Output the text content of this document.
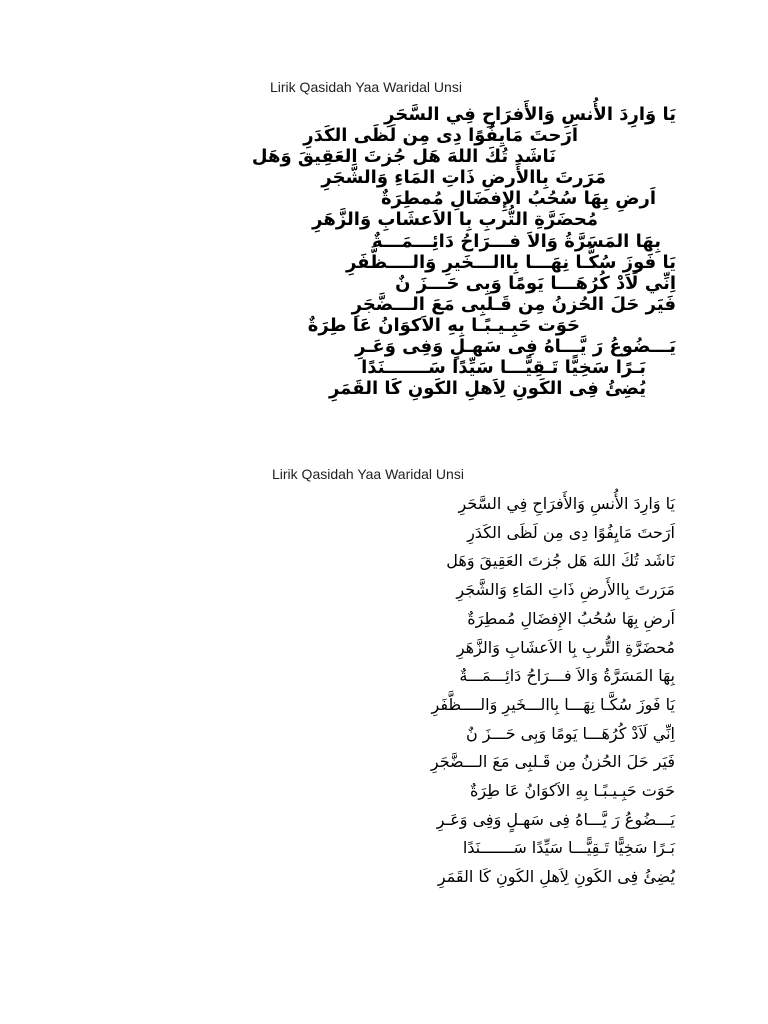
Lirik Qasidah Yaa Waridal Unsi
يَا وَارِدَ الأُنسِ وَالأَفرَاحِ فِي السَّحَرِ
اَرَحتَ مَايِفُوًا دِى مِن لَظَى الكَدَرِ
نَاشَد تُكَ اللهَ هَل جُزتَ العَقِيقَ وَهَل
مَرَرتَ بِاالأَرضِ ذَاتِ المَاءِ وَالشَّجَرِ
اَرضِ بِهَا سُحُبُ الإِفضَالِ مُمطِرَةٌ
مُحضَرَّةِ التُّربِ بِا الاَعشَابِ وَالزَّهَرِ
بِهَا المَسَرَّةُ وَالاَ فـــرَاحُ دَائِـــمَـــةٌ
يَا فَوزَ سُكَّـا نِهَـــا بِاالـــخَيرِ وَالــــظَّفَرِ
اِنِّي لَاَدْ كُرُهَـــا يَومًا وَبِى حَـــزَ نٌ
فَيَر حَلَ الحُزنُ مِن قَـلبِى مَعَ الـــضَّجَرِ
حَوَت حَبِـيـبًـا بِهِ الاَكوَانُ عَا طِرَةٌ
يَـــضُوعُ رَ يَّـــاهُ فِى سَهـلٍ وَفِى وَعَـرِ
بَـرًا سَخِيًّا تَـقِيًّـــا سَيِّدًا سَـــــــنَدًا
يُضِئُ فِى الكَونِ لِاَهلِ الكَونِ كَا القَمَرِ
Lirik Qasidah Yaa Waridal Unsi
يَا وَارِدَ الأُنسِ وَالأَفرَاحِ فِي السَّحَرِ
اَرَحتَ مَايِفُوًا دِى مِن لَظَى الكَدَرِ
نَاشَد تُكَ اللهَ هَل جُزتَ العَقِيقَ وَهَل
مَرَرتَ بِاالأَرضِ ذَاتِ المَاءِ وَالشَّجَرِ
اَرضِ بِهَا سُحُبُ الإِفضَالِ مُمطِرَةٌ
مُحضَرَّةِ التُّربِ بِا الاَعشَابِ وَالزَّهَرِ
بِهَا المَسَرَّةُ وَالاَ فـــرَاحُ دَائِـــمَـــةٌ
يَا فَوزَ سُكَّـا نِهَـــا بِاالـــخَيرِ وَالــــظَّفَرِ
اِنِّي لَاَدْ كُرُهَـــا يَومًا وَبِى حَـــزَ نٌ
فَيَر حَلَ الحُزنُ مِن قَـلبِى مَعَ الـــضَّجَرِ
حَوَت حَبِـيـبًـا بِهِ الاَكوَانُ عَا طِرَةٌ
يَـــضُوعُ رَ يَّـــاهُ فِى سَهـلٍ وَفِى وَعَـرِ
بَـرًا سَخِيًّا تَـقِيًّـــا سَيِّدًا سَـــــــنَدًا
يُضِئُ فِى الكَونِ لِاَهلِ الكَونِ كَا القَمَرِ
